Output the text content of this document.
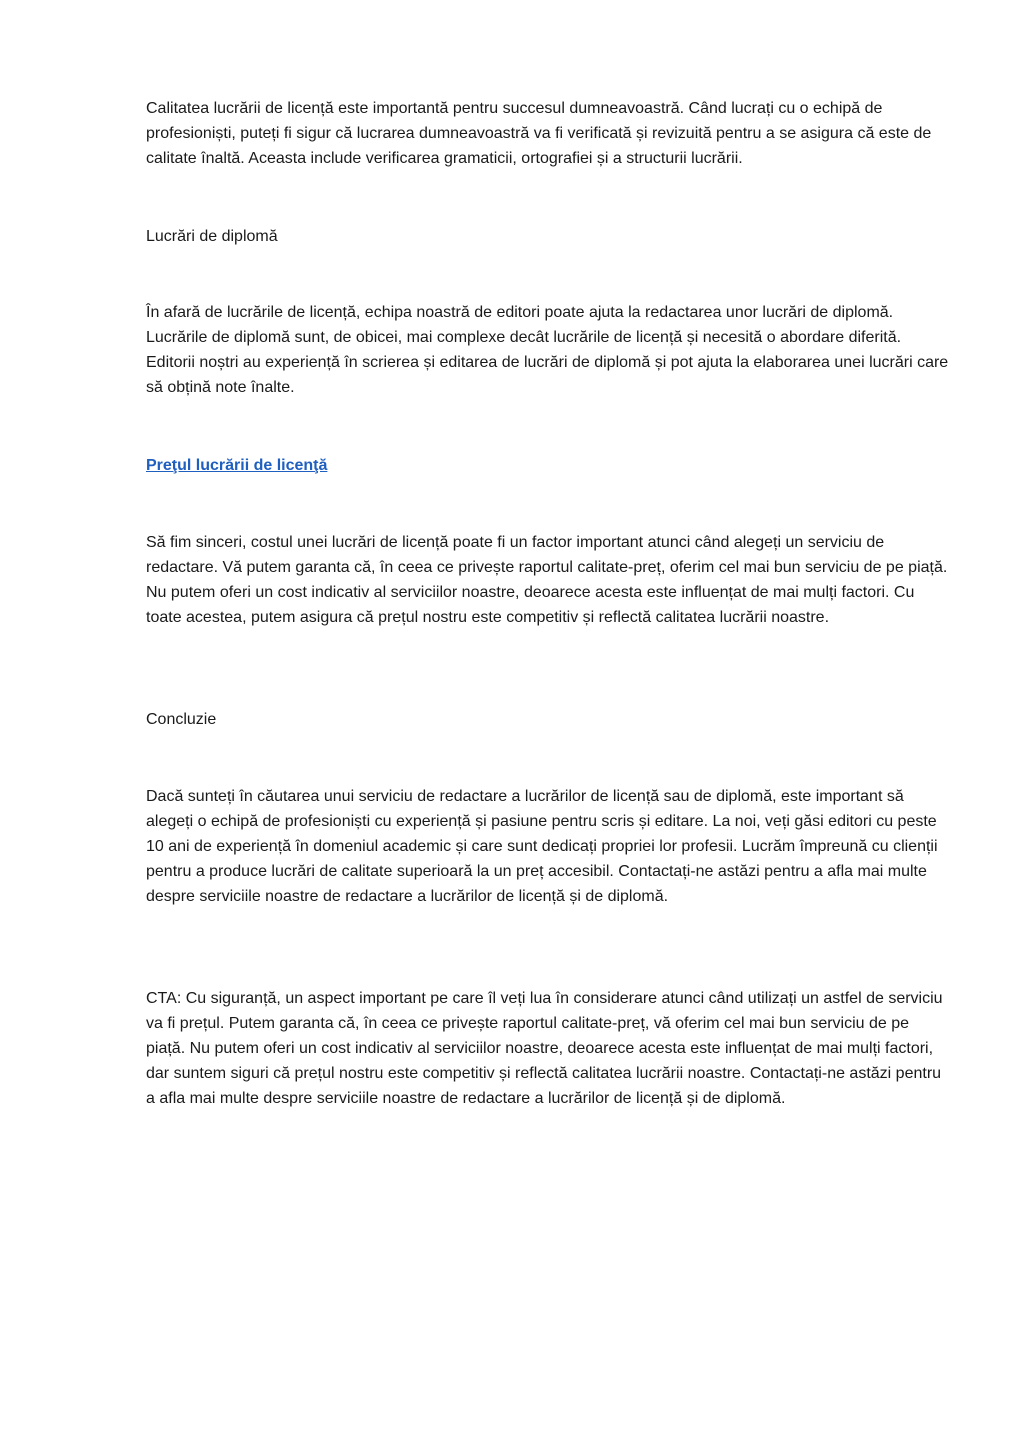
Calitatea lucrării de licență este importantă pentru succesul dumneavoastră. Când lucrați cu o echipă de profesioniști, puteți fi sigur că lucrarea dumneavoastră va fi verificată și revizuită pentru a se asigura că este de calitate înaltă. Aceasta include verificarea gramaticii, ortografiei și a structurii lucrării.

Lucrări de diplomă

În afară de lucrările de licență, echipa noastră de editori poate ajuta la redactarea unor lucrări de diplomă. Lucrările de diplomă sunt, de obicei, mai complexe decât lucrările de licență și necesită o abordare diferită. Editorii noștri au experiență în scrierea și editarea de lucrări de diplomă și pot ajuta la elaborarea unei lucrări care să obțină note înalte.

Preţul lucrării de licenţă

Să fim sinceri, costul unei lucrări de licență poate fi un factor important atunci când alegeți un serviciu de redactare. Vă putem garanta că, în ceea ce privește raportul calitate-preț, oferim cel mai bun serviciu de pe piață. Nu putem oferi un cost indicativ al serviciilor noastre, deoarece acesta este influențat de mai mulți factori. Cu toate acestea, putem asigura că prețul nostru este competitiv și reflectă calitatea lucrării noastre.

Concluzie

Dacă sunteți în căutarea unui serviciu de redactare a lucrărilor de licență sau de diplomă, este important să alegeți o echipă de profesioniști cu experiență și pasiune pentru scris și editare. La noi, veți găsi editori cu peste 10 ani de experiență în domeniul academic și care sunt dedicați propriei lor profesii. Lucrăm împreună cu clienții pentru a produce lucrări de calitate superioară la un preț accesibil. Contactați-ne astăzi pentru a afla mai multe despre serviciile noastre de redactare a lucrărilor de licență și de diplomă.

CTA: Cu siguranță, un aspect important pe care îl veți lua în considerare atunci când utilizați un astfel de serviciu va fi prețul. Putem garanta că, în ceea ce privește raportul calitate-preț, vă oferim cel mai bun serviciu de pe piață. Nu putem oferi un cost indicativ al serviciilor noastre, deoarece acesta este influențat de mai mulți factori, dar suntem siguri că prețul nostru este competitiv și reflectă calitatea lucrării noastre. Contactați-ne astăzi pentru a afla mai multe despre serviciile noastre de redactare a lucrărilor de licență și de diplomă.
